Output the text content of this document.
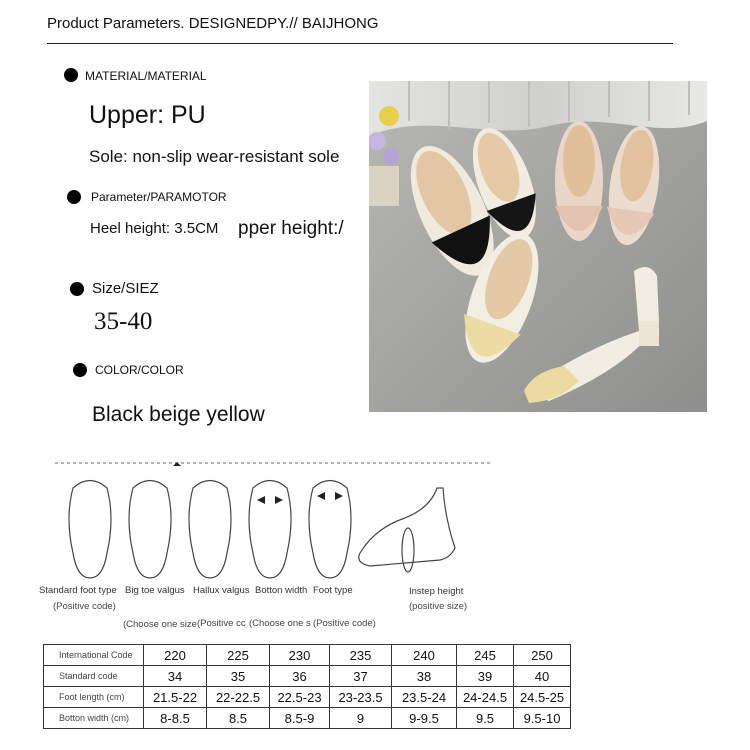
Product Parameters. DESIGNEDPY.// BAIJHONG
MATERIAL/MATERIAL
Upper: PU
Sole: non-slip wear-resistant sole
Parameter/PARAMOTOR
Heel height: 3.5CM pper height:/
Size/SIEZ
35-40
COLOR/COLOR
Black beige yellow
Standard foot type
(Positive code)
Big toe valgus
(Choose one size
Hallux valgus
(Positive cc
Botton width
(Choose one s
Foot type
(Positive code)
Instep height
(positive size)
International Code	220	225	230	235	240	245	250
Standard code	34	35	36	37	38	39	40
Foot length (cm)	21.5-22	22-22.5	22.5-23	23-23.5	23.5-24	24-24.5	24.5-25
Botton width (cm)	8-8.5	8.5	8.5-9	9	9-9.5	9.5	9.5-10
